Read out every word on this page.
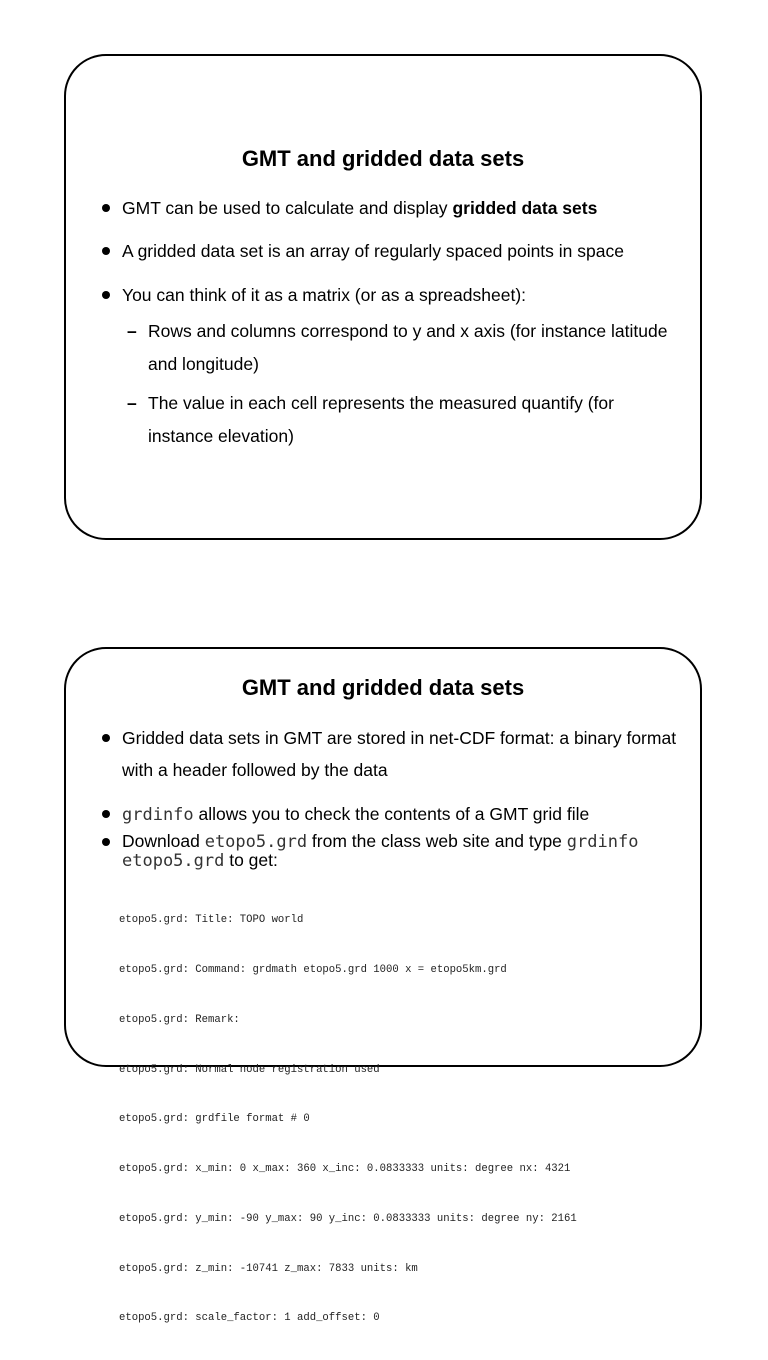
GMT and gridded data sets
GMT can be used to calculate and display gridded data sets
A gridded data set is an array of regularly spaced points in space
You can think of it as a matrix (or as a spreadsheet):
– Rows and columns correspond to y and x axis (for instance latitude and longitude)
– The value in each cell represents the measured quantify (for instance elevation)
GMT and gridded data sets
Gridded data sets in GMT are stored in net-CDF format: a binary format with a header followed by the data
grdinfo allows you to check the contents of a GMT grid file
Download etopo5.grd from the class web site and type grdinfo etopo5.grd to get:

etopo5.grd: Title: TOPO world

etopo5.grd: Command: grdmath etopo5.grd 1000 x = etopo5km.grd

etopo5.grd: Remark:

etopo5.grd: Normal node registration used

etopo5.grd: grdfile format # 0

etopo5.grd: x_min: 0 x_max: 360 x_inc: 0.0833333 units: degree nx: 4321

etopo5.grd: y_min: -90 y_max: 90 y_inc: 0.0833333 units: degree ny: 2161

etopo5.grd: z_min: -10741 z_max: 7833 units: km

etopo5.grd: scale_factor: 1 add_offset: 0
